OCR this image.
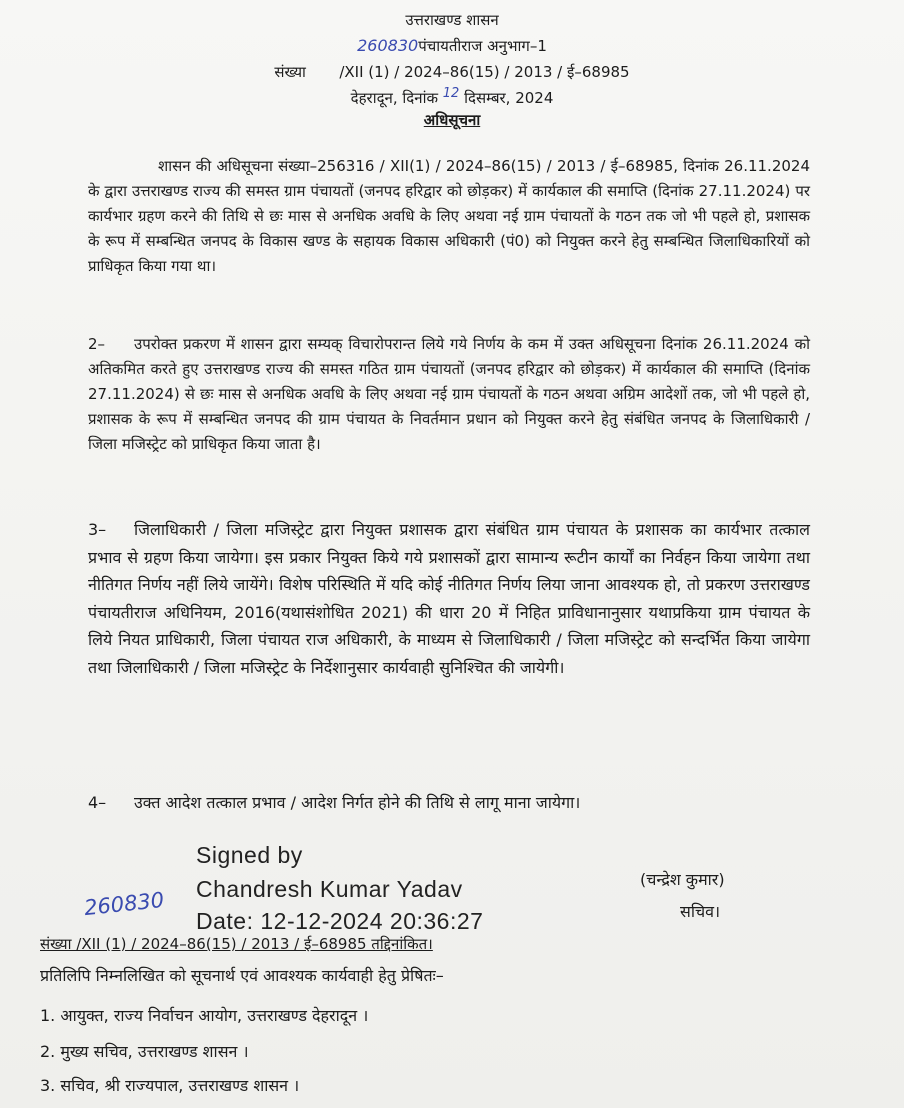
उत्तराखण्ड शासन
260830पंचायतीराज अनुभाग–1
संख्या /XII (1) / 2024–86(15) / 2013 / ई–68985
देहरादून, दिनांक $^{12}$ दिसम्बर, 2024
अधिसूचना
शासन की अधिसूचना संख्या–256316 / XII(1) / 2024–86(15) / 2013 / ई–68985, दिनांक 26.11.2024 के द्वारा उत्तराखण्ड राज्य की समस्त ग्राम पंचायतों (जनपद हरिद्वार को छोड़कर) में कार्यकाल की समाप्ति (दिनांक 27.11.2024) पर कार्यभार ग्रहण करने की तिथि से छः मास से अनधिक अवधि के लिए अथवा नई ग्राम पंचायतों के गठन तक जो भी पहले हो, प्रशासक के रूप में सम्बन्धित जनपद के विकास खण्ड के सहायक विकास अधिकारी (पं0) को नियुक्त करने हेतु सम्बन्धित जिलाधिकारियों को प्राधिकृत किया गया था।
2– उपरोक्त प्रकरण में शासन द्वारा सम्यक् विचारोपरान्त लिये गये निर्णय के कम में उक्त अधिसूचना दिनांक 26.11.2024 को अतिकमित करते हुए उत्तराखण्ड राज्य की समस्त गठित ग्राम पंचायतों (जनपद हरिद्वार को छोड़कर) में कार्यकाल की समाप्ति (दिनांक 27.11.2024) से छः मास से अनधिक अवधि के लिए अथवा नई ग्राम पंचायतों के गठन अथवा अग्रिम आदेशों तक, जो भी पहले हो, प्रशासक के रूप में सम्बन्धित जनपद की ग्राम पंचायत के निवर्तमान प्रधान को नियुक्त करने हेतु संबंधित जनपद के जिलाधिकारी / जिला मजिस्ट्रेट को प्राधिकृत किया जाता है।
3– जिलाधिकारी / जिला मजिस्ट्रेट द्वारा नियुक्त प्रशासक द्वारा संबंधित ग्राम पंचायत के प्रशासक का कार्यभार तत्काल प्रभाव से ग्रहण किया जायेगा। इस प्रकार नियुक्त किये गये प्रशासकों द्वारा सामान्य रूटीन कार्यों का निर्वहन किया जायेगा तथा नीतिगत निर्णय नहीं लिये जायेंगे। विशेष परिस्थिति में यदि कोई नीतिगत निर्णय लिया जाना आवश्यक हो, तो प्रकरण उत्तराखण्ड पंचायतीराज अधिनियम, 2016(यथासंशोधित 2021) की धारा 20 में निहित प्राविधानानुसार यथाप्रकिया ग्राम पंचायत के लिये नियत प्राधिकारी, जिला पंचायत राज अधिकारी, के माध्यम से जिलाधिकारी / जिला मजिस्ट्रेट को सन्दर्भित किया जायेगा तथा जिलाधिकारी / जिला मजिस्ट्रेट के निर्देशानुसार कार्यवाही सुनिश्चित की जायेगी।
4– उक्त आदेश तत्काल प्रभाव / आदेश निर्गत होने की तिथि से लागू माना जायेगा।
Signed by
Chandresh Kumar Yadav
Date: 12-12-2024 20:36:27
(चन्द्रेश कुमार)
सचिव।
260830
संख्या /XII (1) / 2024–86(15) / 2013 / ई–68985 तद्दिनांकित।
प्रतिलिपि निम्नलिखित को सूचनार्थ एवं आवश्यक कार्यवाही हेतु प्रेषितः–
1. आयुक्त, राज्य निर्वाचन आयोग, उत्तराखण्ड देहरादून ।
2. मुख्य सचिव, उत्तराखण्ड शासन ।
3. सचिव, श्री राज्यपाल, उत्तराखण्ड शासन ।
